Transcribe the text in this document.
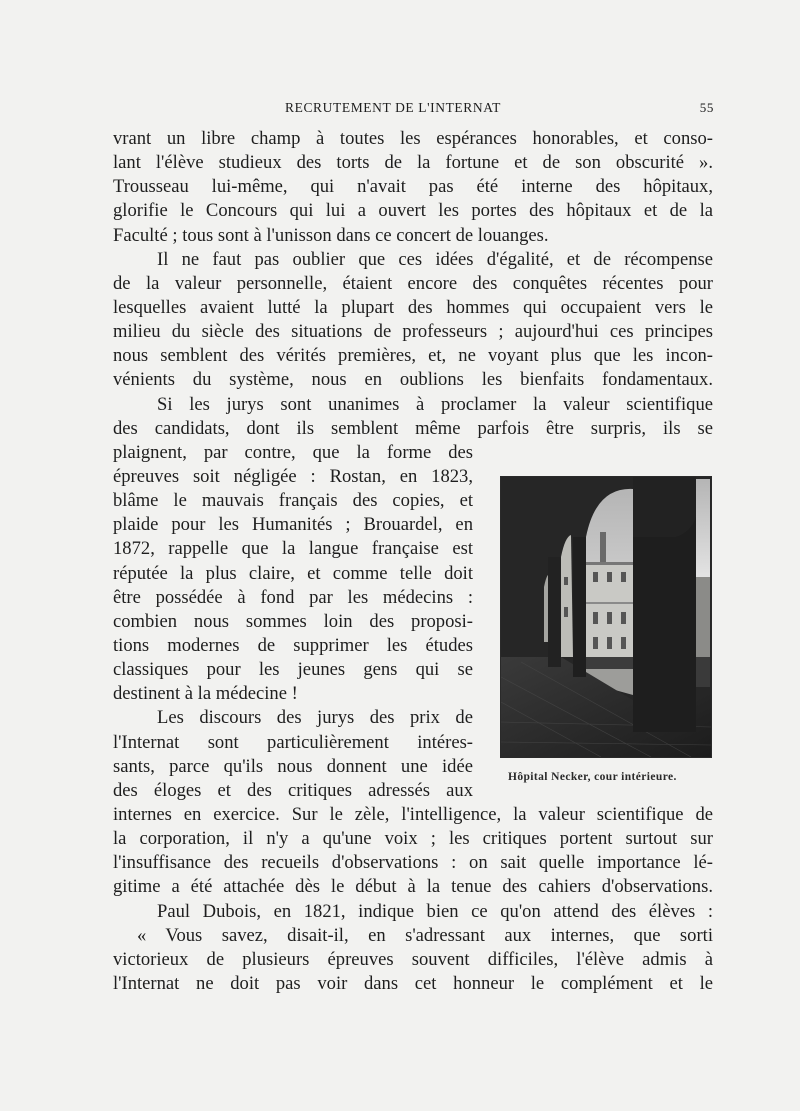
RECRUTEMENT DE L'INTERNAT	55
vrant un libre champ à toutes les espérances honorables, et conso-
lant l'élève studieux des torts de la fortune et de son obscurité ».
Trousseau lui-même, qui n'avait pas été interne des hôpitaux,
glorifie le Concours qui lui a ouvert les portes des hôpitaux et de la
Faculté ; tous sont à l'unisson dans ce concert de louanges.
Il ne faut pas oublier que ces idées d'égalité, et de récompense
de la valeur personnelle, étaient encore des conquêtes récentes pour
lesquelles avaient lutté la plupart des hommes qui occupaient vers le
milieu du siècle des situations de professeurs ; aujourd'hui ces principes
nous semblent des vérités premières, et, ne voyant plus que les incon-
vénients du système, nous en oublions les bienfaits fondamentaux.
Si les jurys sont unanimes à proclamer la valeur scientifique
des candidats, dont ils semblent même parfois être surpris, ils se
plaignent, par contre, que la forme des
épreuves soit négligée : Rostan, en 1823,
blâme le mauvais français des copies, et
plaide pour les Humanités ; Brouardel, en
1872, rappelle que la langue française est
réputée la plus claire, et comme telle doit
être possédée à fond par les médecins :
combien nous sommes loin des proposi-
tions modernes de supprimer les études
classiques pour les jeunes gens qui se
destinent à la médecine !
Les discours des jurys des prix de
l'Internat sont particulièrement intéres-
sants, parce qu'ils nous donnent une idée
des éloges et des critiques adressés aux
internes en exercice. Sur le zèle, l'intelligence, la valeur scientifique de
la corporation, il n'y a qu'une voix ; les critiques portent surtout sur
l'insuffisance des recueils d'observations : on sait quelle importance lé-
gitime a été attachée dès le début à la tenue des cahiers d'observations.
Paul Dubois, en 1821, indique bien ce qu'on attend des élèves :
« Vous savez, disait-il, en s'adressant aux internes, que sorti
victorieux de plusieurs épreuves souvent difficiles, l'élève admis à
l'Internat ne doit pas voir dans cet honneur le complément et le
Hôpital Necker, cour intérieure.
